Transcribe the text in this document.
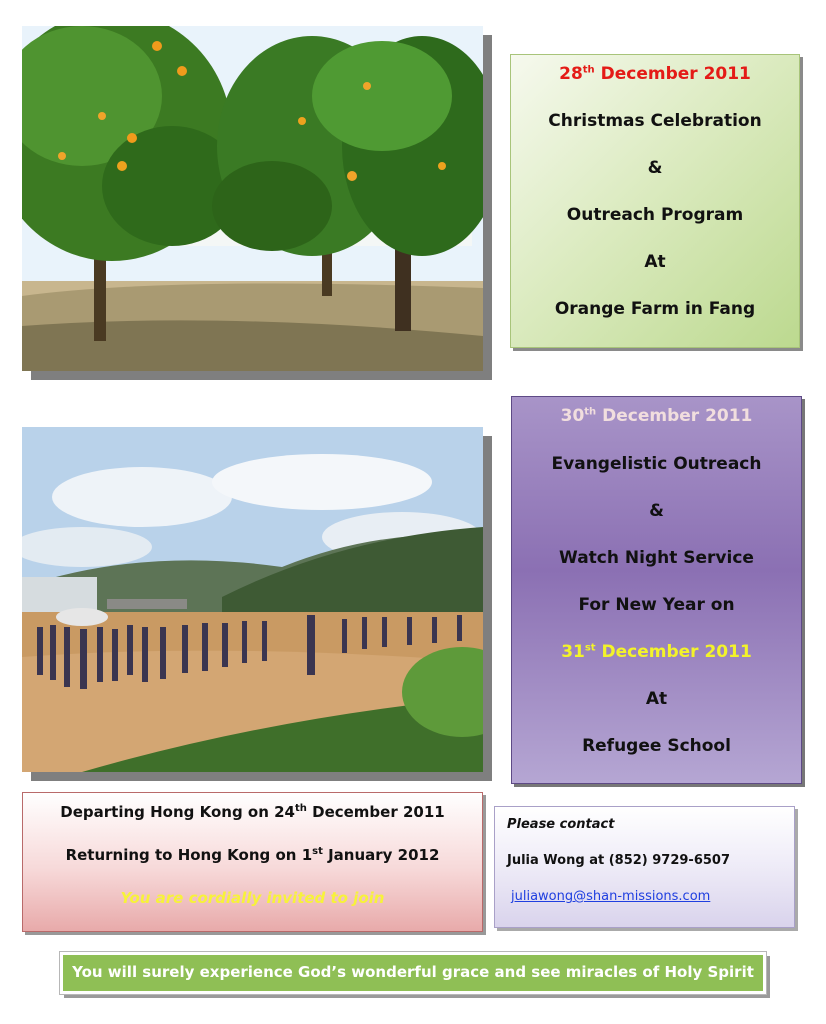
28th December 2011
Christmas Celebration
&
Outreach Program
At
Orange Farm in Fang
30th December 2011
Evangelistic Outreach
&
Watch Night Service
For New Year on
31st December 2011
At
Refugee School
Departing Hong Kong on 24th December 2011
Returning to Hong Kong on 1st January 2012
You are cordially invited to join
Please contact
Julia Wong at (852) 9729-6507
juliawong@shan-missions.com
You will surely experience God’s wonderful grace and see miracles of Holy Spirit
